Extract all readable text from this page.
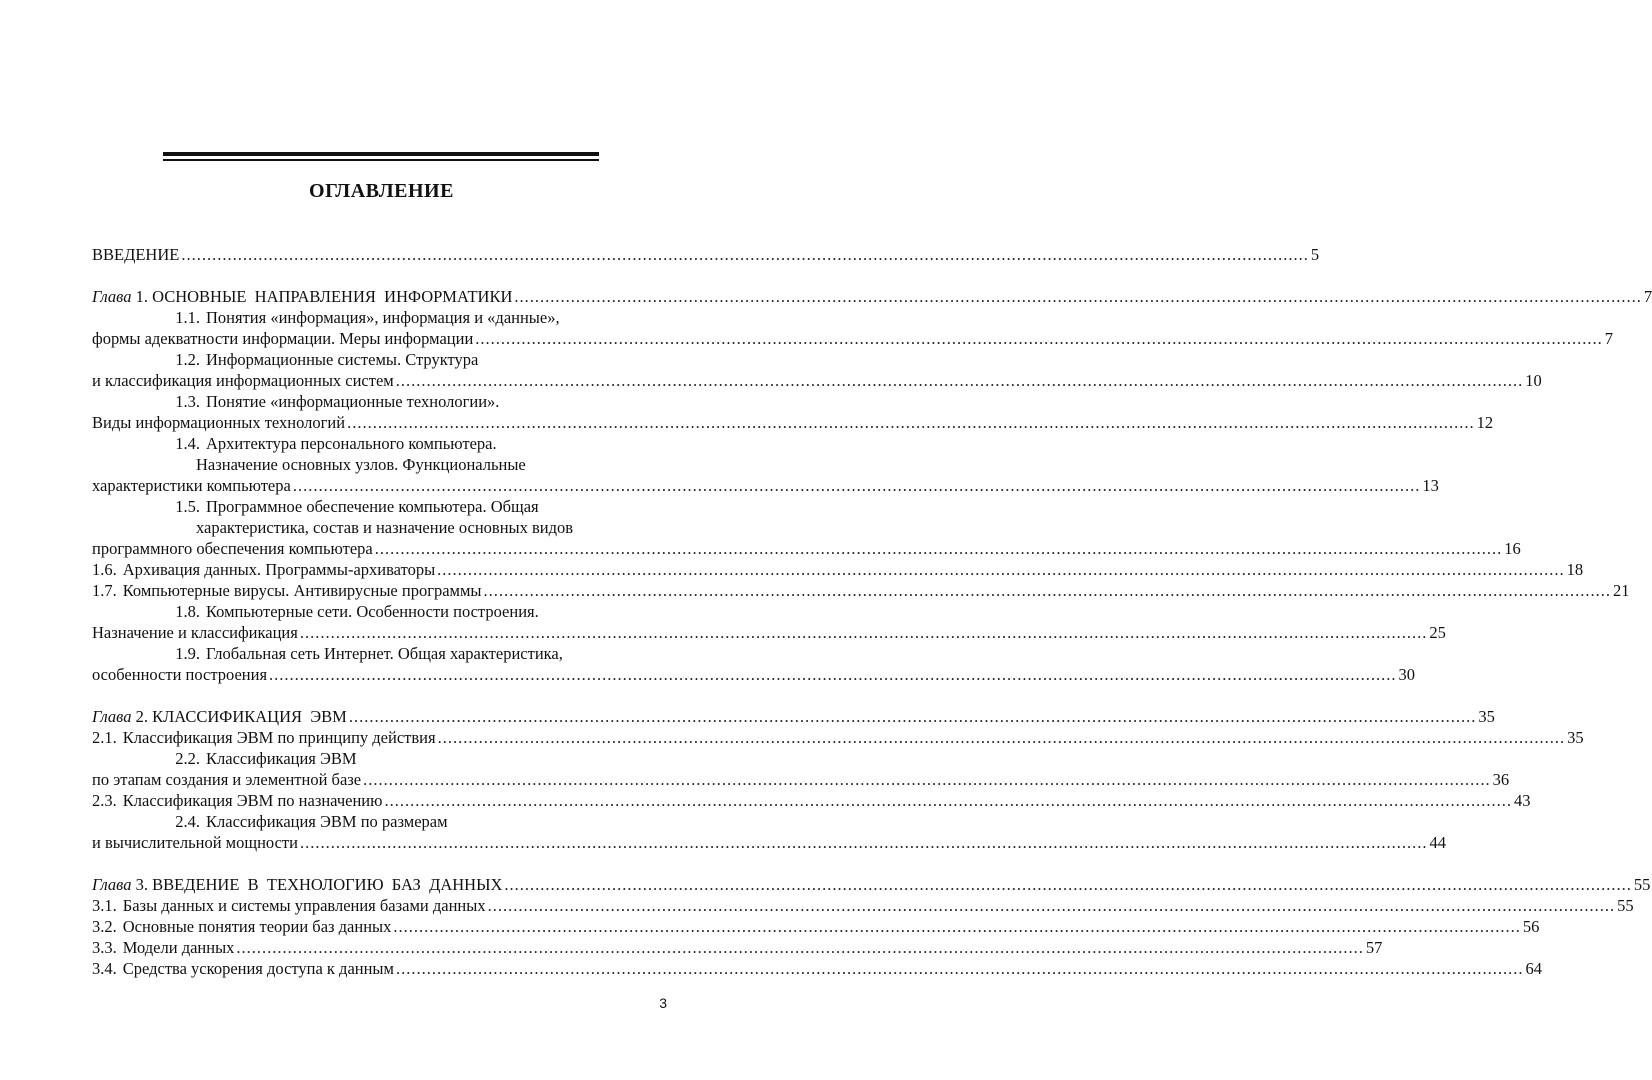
ОГЛАВЛЕНИЕ
ВВЕДЕНИЕ ............................................................................................................................................................................................................................ 5
Глава 1. ОСНОВНЫЕ  НАПРАВЛЕНИЯ  ИНФОРМАТИКИ ............................................................................................................................................................................................................................ 7
1.1. Понятия «информация», информация и «данные»,
формы адекватности информации. Меры информации ............................................................................................................................................................................................................................ 7
1.2. Информационные системы. Структура
и классификация информационных систем ............................................................................................................................................................................................................................ 10
1.3. Понятие «информационные технологии».
Виды информационных технологий ............................................................................................................................................................................................................................ 12
1.4. Архитектура персонального компьютера.
Назначение основных узлов. Функциональные
характеристики компьютера ............................................................................................................................................................................................................................ 13
1.5. Программное обеспечение компьютера. Общая
характеристика, состав и назначение основных видов
программного обеспечения компьютера ............................................................................................................................................................................................................................ 16
1.6. Архивация данных. Программы-архиваторы ............................................................................................................................................................................................................................ 18
1.7. Компьютерные вирусы. Антивирусные программы ............................................................................................................................................................................................................................ 21
1.8. Компьютерные сети. Особенности построения.
Назначение и классификация ............................................................................................................................................................................................................................ 25
1.9. Глобальная сеть Интернет. Общая характеристика,
особенности построения ............................................................................................................................................................................................................................ 30
Глава 2. КЛАССИФИКАЦИЯ  ЭВМ ............................................................................................................................................................................................................................ 35
2.1. Классификация ЭВМ по принципу действия ............................................................................................................................................................................................................................ 35
2.2. Классификация ЭВМ
по этапам создания и элементной базе ............................................................................................................................................................................................................................ 36
2.3. Классификация ЭВМ по назначению ............................................................................................................................................................................................................................ 43
2.4. Классификация ЭВМ по размерам
и вычислительной мощности ............................................................................................................................................................................................................................ 44
Глава 3. ВВЕДЕНИЕ  В  ТЕХНОЛОГИЮ  БАЗ  ДАННЫХ ............................................................................................................................................................................................................................ 55
3.1. Базы данных и системы управления базами данных ............................................................................................................................................................................................................................ 55
3.2. Основные понятия теории баз данных ............................................................................................................................................................................................................................ 56
3.3. Модели данных ............................................................................................................................................................................................................................ 57
3.4. Средства ускорения доступа к данным ............................................................................................................................................................................................................................ 64
3
